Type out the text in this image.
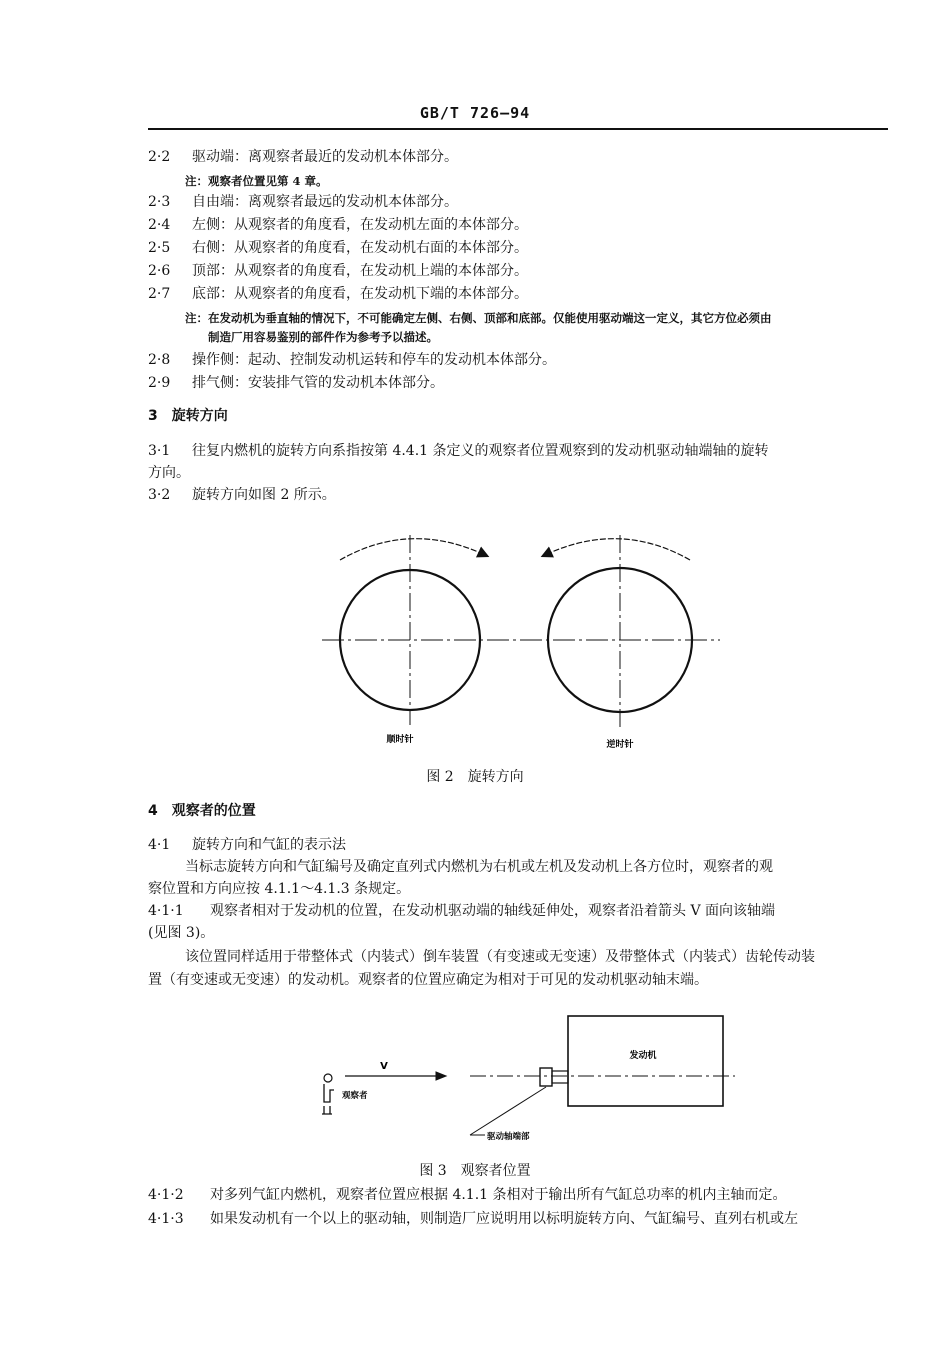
GB/T 726—94
2·2 驱动端：离观察者最近的发动机本体部分。
注：观察者位置见第 4 章。
2·3 自由端：离观察者最远的发动机本体部分。
2·4 左侧：从观察者的角度看，在发动机左面的本体部分。
2·5 右侧：从观察者的角度看，在发动机右面的本体部分。
2·6 顶部：从观察者的角度看，在发动机上端的本体部分。
2·7 底部：从观察者的角度看，在发动机下端的本体部分。
注：在发动机为垂直轴的情况下，不可能确定左侧、右侧、顶部和底部。仅能使用驱动端这一定义，其它方位必须由
制造厂用容易鉴别的部件作为参考予以描述。
2·8 操作侧：起动、控制发动机运转和停车的发动机本体部分。
2·9 排气侧：安装排气管的发动机本体部分。
3　旋转方向
3·1 往复内燃机的旋转方向系指按第 4.4.1 条定义的观察者位置观察到的发动机驱动轴端轴的旋转
方向。
3·2 旋转方向如图 2 所示。
顺时针	逆时针
图 2　旋转方向
4　观察者的位置
4·1 旋转方向和气缸的表示法
当标志旋转方向和气缸编号及确定直列式内燃机为右机或左机及发动机上各方位时，观察者的观
察位置和方向应按 4.1.1～4.1.3 条规定。
4·1·1 观察者相对于发动机的位置，在发动机驱动端的轴线延伸处，观察者沿着箭头 V 面向该轴端
(见图 3)。
该位置同样适用于带整体式（内装式）倒车装置（有变速或无变速）及带整体式（内装式）齿轮传动装
置（有变速或无变速）的发动机。观察者的位置应确定为相对于可见的发动机驱动轴末端。
发动机
V
观察者
驱动轴端部
图 3　观察者位置
4·1·2 对多列气缸内燃机，观察者位置应根据 4.1.1 条相对于输出所有气缸总功率的机内主轴而定。
4·1·3 如果发动机有一个以上的驱动轴，则制造厂应说明用以标明旋转方向、气缸编号、直列右机或左
